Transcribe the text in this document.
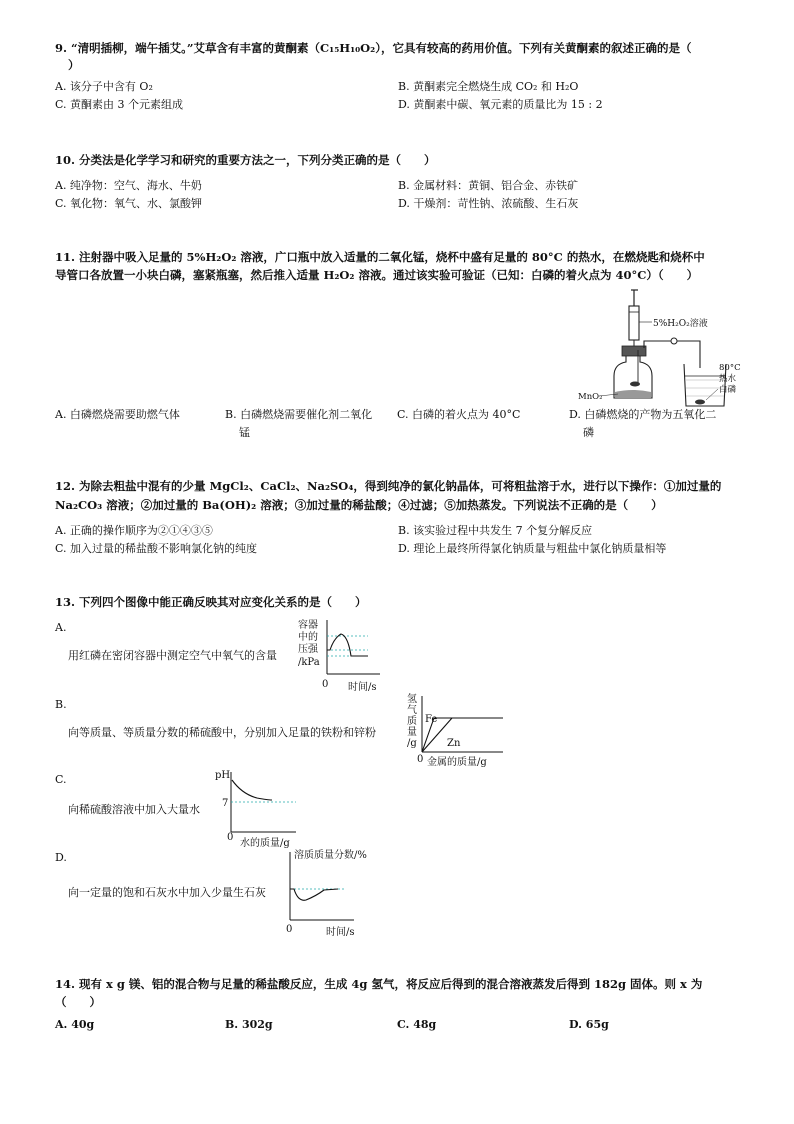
9. “清明插柳，端午插艾。”艾草含有丰富的黄酮素（C₁₅H₁₀O₂），它具有较高的药用价值。下列有关黄酮素的叙述正确的是（
）
A. 该分子中含有 O₂	B. 黄酮素完全燃烧生成 CO₂ 和 H₂O
C. 黄酮素由 3 个元素组成	D. 黄酮素中碳、氧元素的质量比为 15 : 2
10. 分类法是化学学习和研究的重要方法之一，下列分类正确的是（　　）
A. 纯净物：空气、海水、牛奶	B. 金属材料：黄铜、铝合金、赤铁矿
C. 氧化物：氧气、水、氯酸钾	D. 干燥剂：苛性钠、浓硫酸、生石灰
11. 注射器中吸入足量的 5%H₂O₂ 溶液，广口瓶中放入适量的二氧化锰，烧杯中盛有足量的 80°C 的热水，在燃烧匙和烧杯中
导管口各放置一小块白磷，塞紧瓶塞，然后推入适量 H₂O₂ 溶液。通过该实验可验证（已知：白磷的着火点为 40°C）（　　）
5%H₂O₂溶液
80°C
热水
白磷
MnO₂
A. 白磷燃烧需要助燃气体	B. 白磷燃烧需要催化剂二氧化
锰
C. 白磷的着火点为 40°C	D. 白磷燃烧的产物为五氧化二
磷
12. 为除去粗盐中混有的少量 MgCl₂、CaCl₂、Na₂SO₄，得到纯净的氯化钠晶体，可将粗盐溶于水，进行以下操作：①加过量的
Na₂CO₃ 溶液；②加过量的 Ba(OH)₂ 溶液；③加过量的稀盐酸；④过滤；⑤加热蒸发。下列说法不正确的是（　　）
A. 正确的操作顺序为②①④③⑤	B. 该实验过程中共发生 7 个复分解反应
C. 加入过量的稀盐酸不影响氯化钠的纯度	D. 理论上最终所得氯化钠质量与粗盐中氯化钠质量相等
13. 下列四个图像中能正确反映其对应变化关系的是（　　）
A.
用红磷在密闭容器中测定空气中氧气的含量
容器
中的
压强
/kPa
0 时间/s
B.
向等质量、等质量分数的稀硫酸中，分别加入足量的铁粉和锌粉
氢
气
质
量
/g
Fe
Zn
0 金属的质量/g
C.
向稀硫酸溶液中加入大量水
pH
7
0
水的质量/g
D.
向一定量的饱和石灰水中加入少量生石灰
溶质质量分数/%
0	时间/s
14. 现有 x g 镁、铝的混合物与足量的稀盐酸反应，生成 4g 氢气，将反应后得到的混合溶液蒸发后得到 182g 固体。则 x 为
（　　）
A. 40g	B. 302g	C. 48g	D. 65g
